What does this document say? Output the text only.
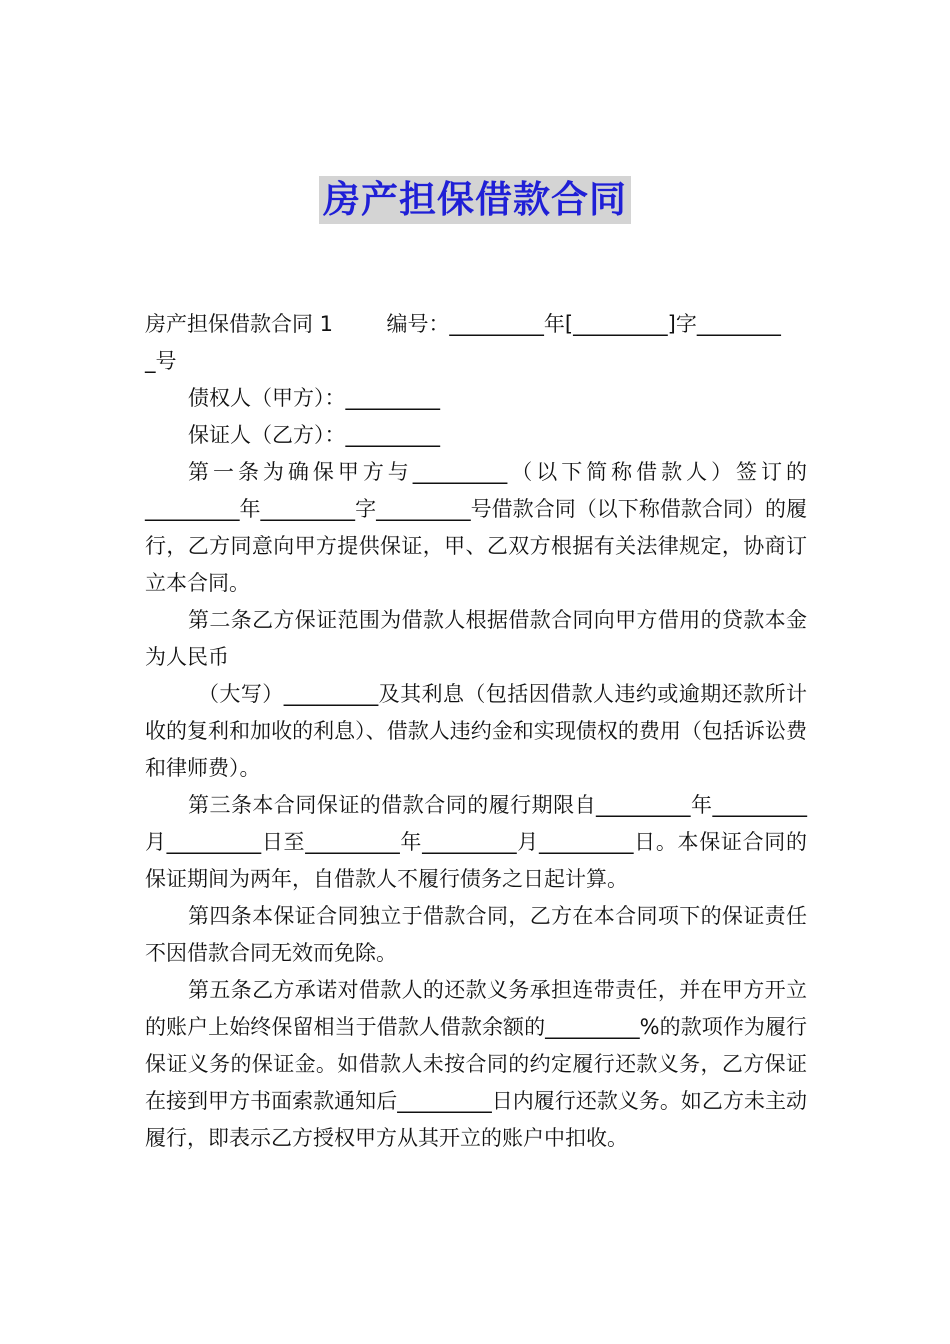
房产担保借款合同

房产担保借款合同 1        编号：_________年[_________]字________

_号

债权人（甲方）：_________

保证人（乙方）：_________

第一条为确保甲方与_________（以下简称借款人）签订的_________年_________字_________号借款合同（以下称借款合同）的履行，乙方同意向甲方提供保证，甲、乙双方根据有关法律规定，协商订立本合同。

第二条乙方保证范围为借款人根据借款合同向甲方借用的贷款本金为人民币

（大写）_________及其利息（包括因借款人违约或逾期还款所计收的复利和加收的利息）、借款人违约金和实现债权的费用（包括诉讼费和律师费）。

第三条本合同保证的借款合同的履行期限自_________年_________月_________日至_________年_________月_________日。本保证合同的保证期间为两年，自借款人不履行债务之日起计算。

第四条本保证合同独立于借款合同，乙方在本合同项下的保证责任不因借款合同无效而免除。

第五条乙方承诺对借款人的还款义务承担连带责任，并在甲方开立的账户上始终保留相当于借款人借款余额的_________%的款项作为履行保证义务的保证金。如借款人未按合同的约定履行还款义务，乙方保证在接到甲方书面索款通知后_________日内履行还款义务。如乙方未主动履行，即表示乙方授权甲方从其开立的账户中扣收。
